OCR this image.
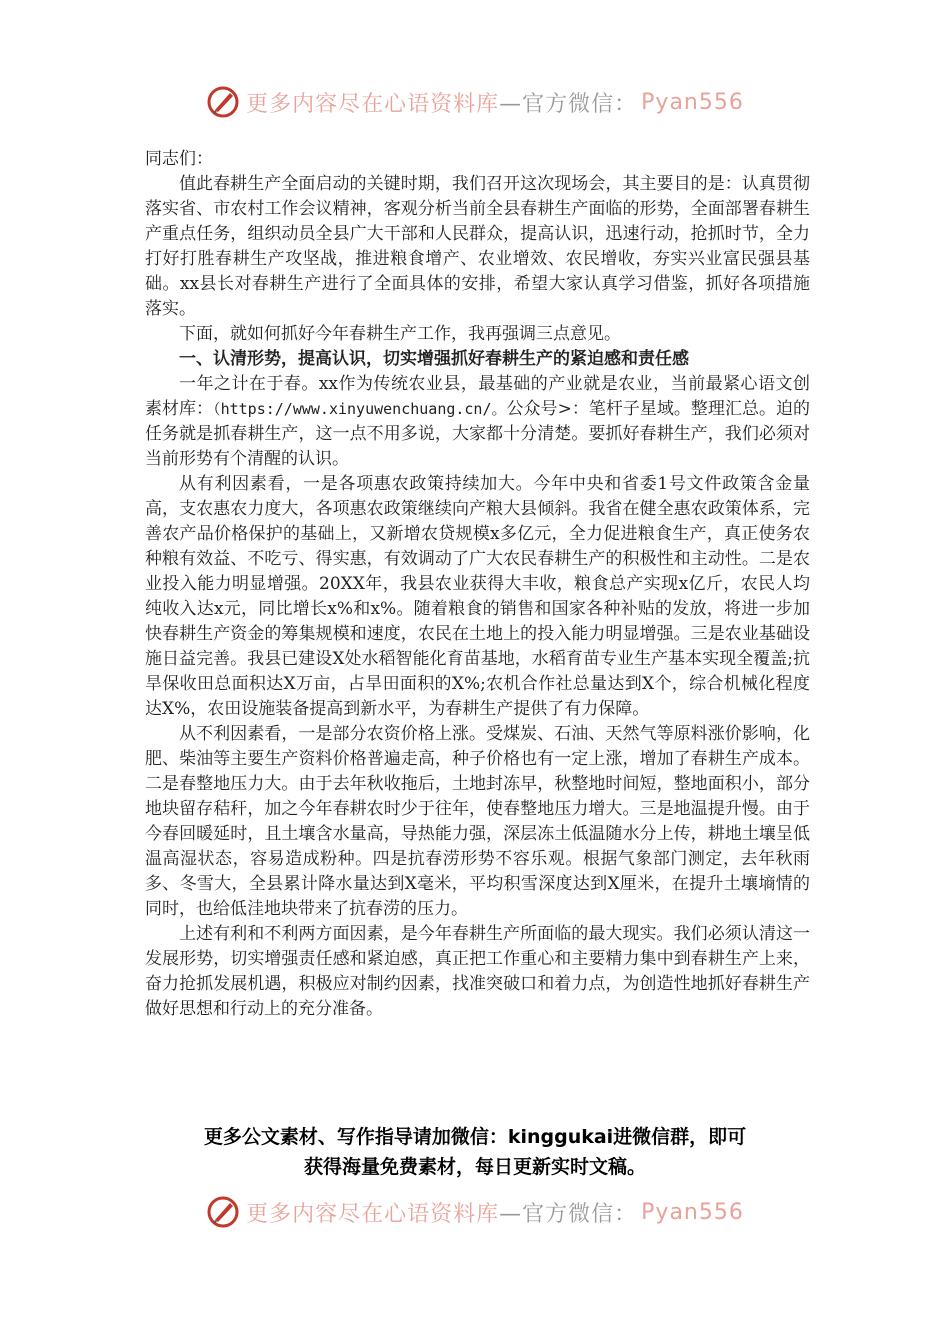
更多内容尽在心语资料库 —官方微信： Pyan556

同志们：

值此春耕生产全面启动的关键时期，我们召开这次现场会，其主要目的是：认真贯彻落实省、市农村工作会议精神，客观分析当前全县春耕生产面临的形势，全面部署春耕生产重点任务，组织动员全县广大干部和人民群众，提高认识，迅速行动，抢抓时节，全力打好打胜春耕生产攻坚战，推进粮食增产、农业增效、农民增收，夯实兴业富民强县基础。xx县长对春耕生产进行了全面具体的安排，希望大家认真学习借鉴，抓好各项措施落实。

下面，就如何抓好今年春耕生产工作，我再强调三点意见。

一、认清形势，提高认识，切实增强抓好春耕生产的紧迫感和责任感

一年之计在于春。xx作为传统农业县，最基础的产业就是农业，当前最紧心语文创素材库：（https://www.xinyuwenchuang.cn/。公众号>：笔杆子星域。整理汇总。迫的任务就是抓春耕生产，这一点不用多说，大家都十分清楚。要抓好春耕生产，我们必须对当前形势有个清醒的认识。

从有利因素看，一是各项惠农政策持续加大。今年中央和省委1号文件政策含金量高，支农惠农力度大，各项惠农政策继续向产粮大县倾斜。我省在健全惠农政策体系，完善农产品价格保护的基础上，又新增农贷规模x多亿元，全力促进粮食生产，真正使务农种粮有效益、不吃亏、得实惠，有效调动了广大农民春耕生产的积极性和主动性。二是农业投入能力明显增强。20XX年，我县农业获得大丰收，粮食总产实现x亿斤，农民人均纯收入达x元，同比增长x%和x%。随着粮食的销售和国家各种补贴的发放，将进一步加快春耕生产资金的筹集规模和速度，农民在土地上的投入能力明显增强。三是农业基础设施日益完善。我县已建设X处水稻智能化育苗基地，水稻育苗专业生产基本实现全覆盖;抗旱保收田总面积达X万亩，占旱田面积的X%;农机合作社总量达到X个，综合机械化程度达X%，农田设施装备提高到新水平，为春耕生产提供了有力保障。

从不利因素看，一是部分农资价格上涨。受煤炭、石油、天然气等原料涨价影响，化肥、柴油等主要生产资料价格普遍走高，种子价格也有一定上涨，增加了春耕生产成本。二是春整地压力大。由于去年秋收拖后，土地封冻早，秋整地时间短，整地面积小，部分地块留存秸秆，加之今年春耕农时少于往年，使春整地压力增大。三是地温提升慢。由于今春回暖延时，且土壤含水量高，导热能力强，深层冻土低温随水分上传，耕地土壤呈低温高湿状态，容易造成粉种。四是抗春涝形势不容乐观。根据气象部门测定，去年秋雨多、冬雪大，全县累计降水量达到X毫米，平均积雪深度达到X厘米，在提升土壤墒情的同时，也给低洼地块带来了抗春涝的压力。

上述有利和不利两方面因素，是今年春耕生产所面临的最大现实。我们必须认清这一发展形势，切实增强责任感和紧迫感，真正把工作重心和主要精力集中到春耕生产上来，奋力抢抓发展机遇，积极应对制约因素，找准突破口和着力点，为创造性地抓好春耕生产做好思想和行动上的充分准备。

更多公文素材、写作指导请加微信：kinggukai进微信群，即可
获得海量免费素材，每日更新实时文稿。
更多内容尽在心语资料库 —官方微信： Pyan556
